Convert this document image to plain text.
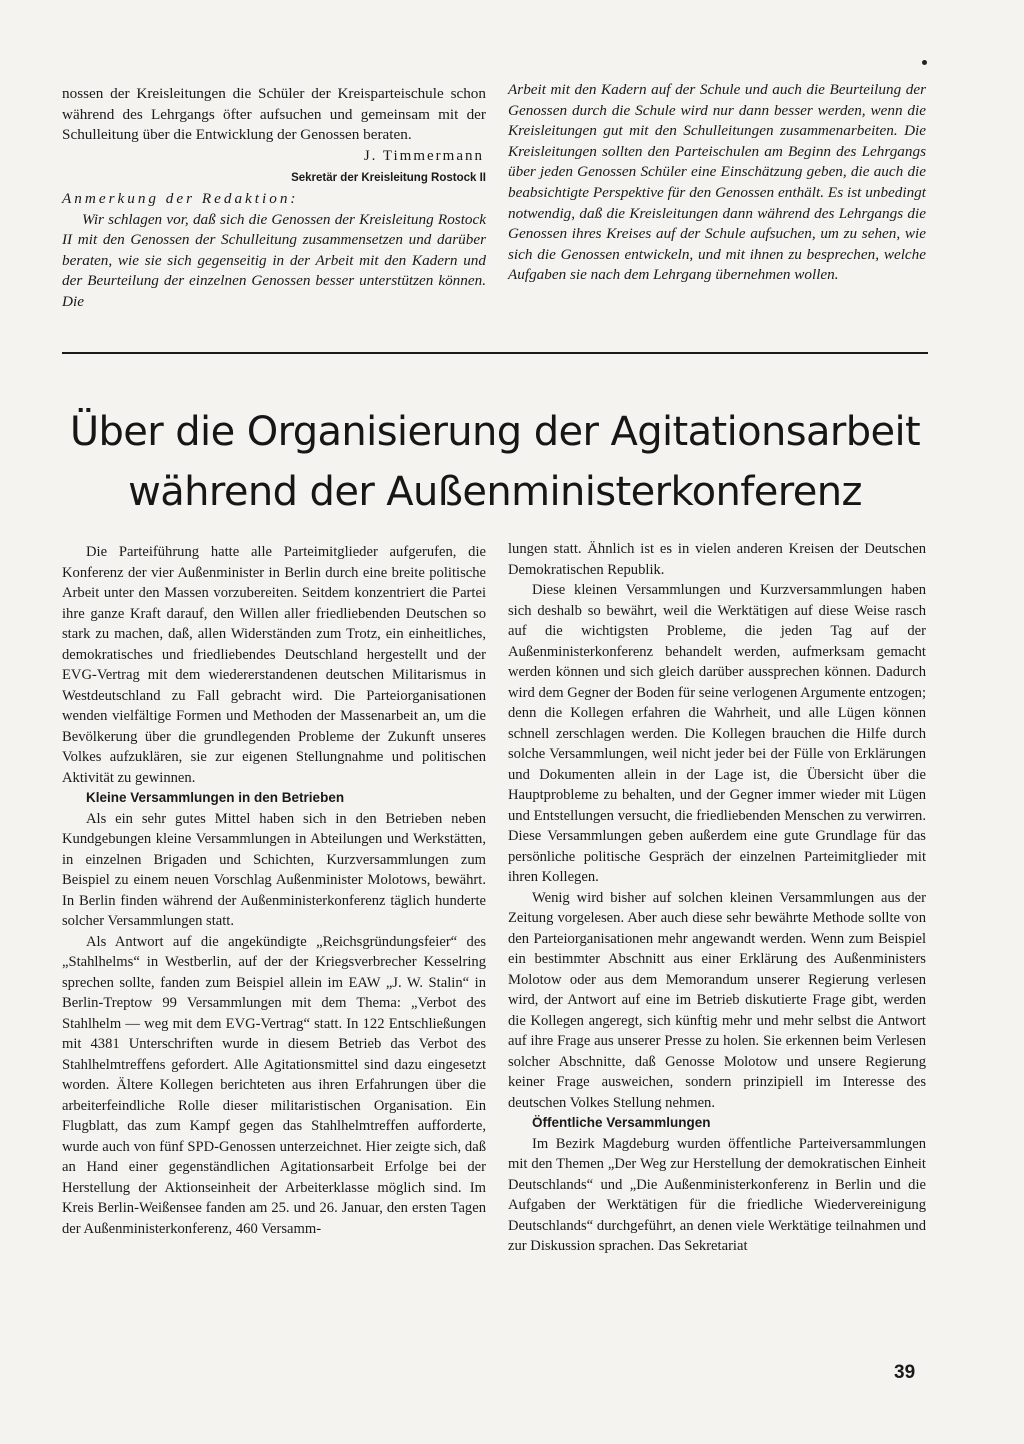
nossen der Kreisleitungen die Schüler der Kreisparteischule schon während des Lehrgangs öfter aufsuchen und gemeinsam mit der Schulleitung über die Entwicklung der Genossen beraten.

J. Timmermann
Sekretär der Kreisleitung Rostock II

Anmerkung der Redaktion:

Wir schlagen vor, daß sich die Genossen der Kreisleitung Rostock II mit den Genossen der Schulleitung zusammensetzen und darüber beraten, wie sie sich gegenseitig in der Arbeit mit den Kadern und der Beurteilung der einzelnen Genossen besser unterstützen können. Die

Arbeit mit den Kadern auf der Schule und auch die Beurteilung der Genossen durch die Schule wird nur dann besser werden, wenn die Kreisleitungen gut mit den Schulleitungen zusammenarbeiten. Die Kreisleitungen sollten den Parteischulen am Beginn des Lehrgangs über jeden Genossen Schüler eine Einschätzung geben, die auch die beabsichtigte Perspektive für den Genossen enthält. Es ist unbedingt notwendig, daß die Kreisleitungen dann während des Lehrgangs die Genossen ihres Kreises auf der Schule aufsuchen, um zu sehen, wie sich die Genossen entwickeln, und mit ihnen zu besprechen, welche Aufgaben sie nach dem Lehrgang übernehmen wollen.

Über die Organisierung der Agitationsarbeit
während der Außenministerkonferenz

Die Parteiführung hatte alle Parteimitglieder aufgerufen, die Konferenz der vier Außenminister in Berlin durch eine breite politische Arbeit unter den Massen vorzubereiten. Seitdem konzentriert die Partei ihre ganze Kraft darauf, den Willen aller friedliebenden Deutschen so stark zu machen, daß, allen Widerständen zum Trotz, ein einheitliches, demokratisches und friedliebendes Deutschland hergestellt und der EVG-Vertrag mit dem wiedererstandenen deutschen Militarismus in Westdeutschland zu Fall gebracht wird. Die Parteiorganisationen wenden vielfältige Formen und Methoden der Massenarbeit an, um die Bevölkerung über die grundlegenden Probleme der Zukunft unseres Volkes aufzuklären, sie zur eigenen Stellungnahme und politischen Aktivität zu gewinnen.

Kleine Versammlungen in den Betrieben

Als ein sehr gutes Mittel haben sich in den Betrieben neben Kundgebungen kleine Versammlungen in Abteilungen und Werkstätten, in einzelnen Brigaden und Schichten, Kurzversammlungen zum Beispiel zu einem neuen Vorschlag Außenminister Molotows, bewährt. In Berlin finden während der Außenministerkonferenz täglich hunderte solcher Versammlungen statt.

Als Antwort auf die angekündigte „Reichsgründungsfeier“ des „Stahlhelms“ in Westberlin, auf der der Kriegsverbrecher Kesselring sprechen sollte, fanden zum Beispiel allein im EAW „J. W. Stalin“ in Berlin-Treptow 99 Versammlungen mit dem Thema: „Verbot des Stahlhelm — weg mit dem EVG-Vertrag“ statt. In 122 Entschließungen mit 4381 Unterschriften wurde in diesem Betrieb das Verbot des Stahlhelmtreffens gefordert. Alle Agitationsmittel sind dazu eingesetzt worden. Ältere Kollegen berichteten aus ihren Erfahrungen über die arbeiterfeindliche Rolle dieser militaristischen Organisation. Ein Flugblatt, das zum Kampf gegen das Stahlhelmtreffen aufforderte, wurde auch von fünf SPD-Genossen unterzeichnet. Hier zeigte sich, daß an Hand einer gegenständlichen Agitationsarbeit Erfolge bei der Herstellung der Aktionseinheit der Arbeiterklasse möglich sind. Im Kreis Berlin-Weißensee fanden am 25. und 26. Januar, den ersten Tagen der Außenministerkonferenz, 460 Versamm-

lungen statt. Ähnlich ist es in vielen anderen Kreisen der Deutschen Demokratischen Republik.

Diese kleinen Versammlungen und Kurzversammlungen haben sich deshalb so bewährt, weil die Werktätigen auf diese Weise rasch auf die wichtigsten Probleme, die jeden Tag auf der Außenministerkonferenz behandelt werden, aufmerksam gemacht werden können und sich gleich darüber aussprechen können. Dadurch wird dem Gegner der Boden für seine verlogenen Argumente entzogen; denn die Kollegen erfahren die Wahrheit, und alle Lügen können schnell zerschlagen werden. Die Kollegen brauchen die Hilfe durch solche Versammlungen, weil nicht jeder bei der Fülle von Erklärungen und Dokumenten allein in der Lage ist, die Übersicht über die Hauptprobleme zu behalten, und der Gegner immer wieder mit Lügen und Entstellungen versucht, die friedliebenden Menschen zu verwirren. Diese Versammlungen geben außerdem eine gute Grundlage für das persönliche politische Gespräch der einzelnen Parteimitglieder mit ihren Kollegen.

Wenig wird bisher auf solchen kleinen Versammlungen aus der Zeitung vorgelesen. Aber auch diese sehr bewährte Methode sollte von den Parteiorganisationen mehr angewandt werden. Wenn zum Beispiel ein bestimmter Abschnitt aus einer Erklärung des Außenministers Molotow oder aus dem Memorandum unserer Regierung verlesen wird, der Antwort auf eine im Betrieb diskutierte Frage gibt, werden die Kollegen angeregt, sich künftig mehr und mehr selbst die Antwort auf ihre Frage aus unserer Presse zu holen. Sie erkennen beim Verlesen solcher Abschnitte, daß Genosse Molotow und unsere Regierung keiner Frage ausweichen, sondern prinzipiell im Interesse des deutschen Volkes Stellung nehmen.

Öffentliche Versammlungen

Im Bezirk Magdeburg wurden öffentliche Parteiversammlungen mit den Themen „Der Weg zur Herstellung der demokratischen Einheit Deutschlands“ und „Die Außenministerkonferenz in Berlin und die Aufgaben der Werktätigen für die friedliche Wiedervereinigung Deutschlands“ durchgeführt, an denen viele Werktätige teilnahmen und zur Diskussion sprachen. Das Sekretariat

39
